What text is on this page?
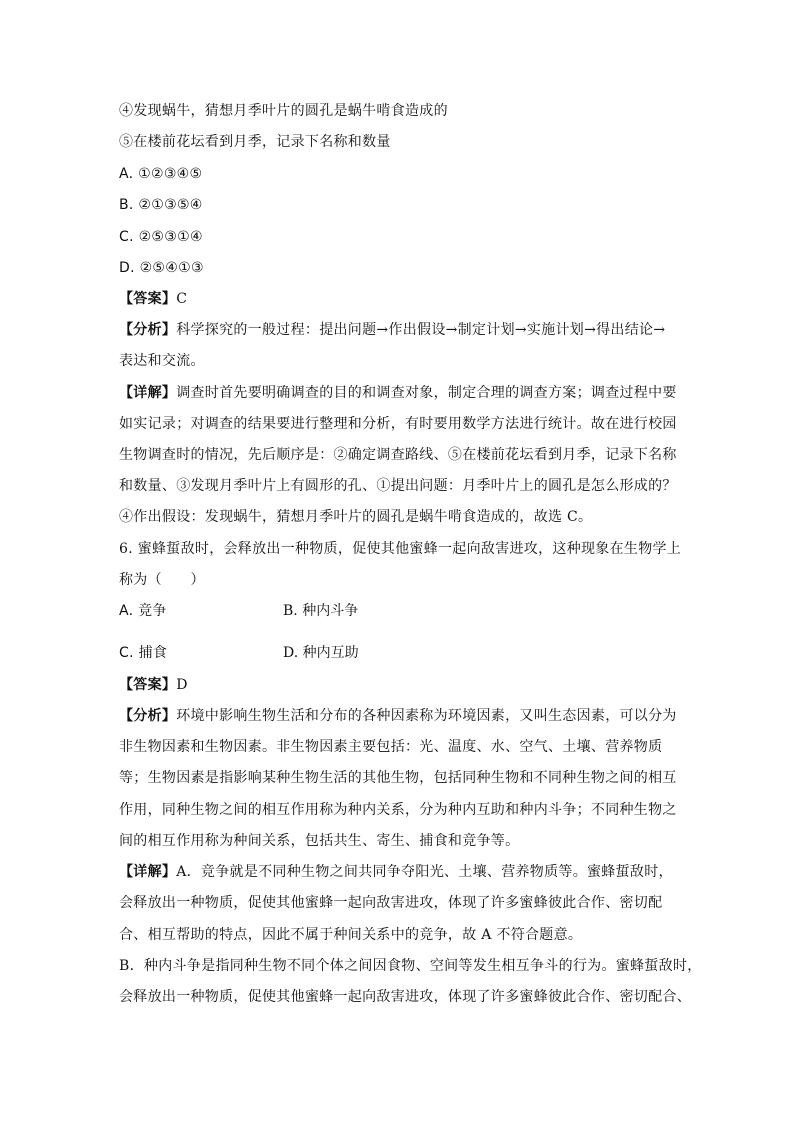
④发现蜗牛，猜想月季叶片的圆孔是蜗牛啃食造成的
⑤在楼前花坛看到月季，记录下名称和数量
A. ①②③④⑤
B. ②①③⑤④
C. ②⑤③①④
D. ②⑤④①③
【答案】C
【分析】科学探究的一般过程：提出问题→作出假设→制定计划→实施计划→得出结论→
表达和交流。
【详解】调查时首先要明确调查的目的和调查对象，制定合理的调查方案；调查过程中要
如实记录；对调查的结果要进行整理和分析，有时要用数学方法进行统计。故在进行校园
生物调查时的情况，先后顺序是：②确定调查路线、⑤在楼前花坛看到月季，记录下名称
和数量、③发现月季叶片上有圆形的孔、①提出问题：月季叶片上的圆孔是怎么形成的？
④作出假设：发现蜗牛，猜想月季叶片的圆孔是蜗牛啃食造成的，故选 C。
6. 蜜蜂蜇敌时，会释放出一种物质，促使其他蜜蜂一起向敌害进攻，这种现象在生物学上
称为（　　）
A. 竞争	B. 种内斗争
C. 捕食	D. 种内互助
【答案】D
【分析】环境中影响生物生活和分布的各种因素称为环境因素，又叫生态因素，可以分为
非生物因素和生物因素。非生物因素主要包括：光、温度、水、空气、土壤、营养物质
等；生物因素是指影响某种生物生活的其他生物，包括同种生物和不同种生物之间的相互
作用，同种生物之间的相互作用称为种内关系，分为种内互助和种内斗争；不同种生物之
间的相互作用称为种间关系，包括共生、寄生、捕食和竞争等。
【详解】A．竞争就是不同种生物之间共同争夺阳光、土壤、营养物质等。蜜蜂蜇敌时，
会释放出一种物质，促使其他蜜蜂一起向敌害进攻，体现了许多蜜蜂彼此合作、密切配
合、相互帮助的特点，因此不属于种间关系中的竞争，故 A 不符合题意。
B．种内斗争是指同种生物不同个体之间因食物、空间等发生相互争斗的行为。蜜蜂蜇敌时，
会释放出一种物质，促使其他蜜蜂一起向敌害进攻，体现了许多蜜蜂彼此合作、密切配合、
